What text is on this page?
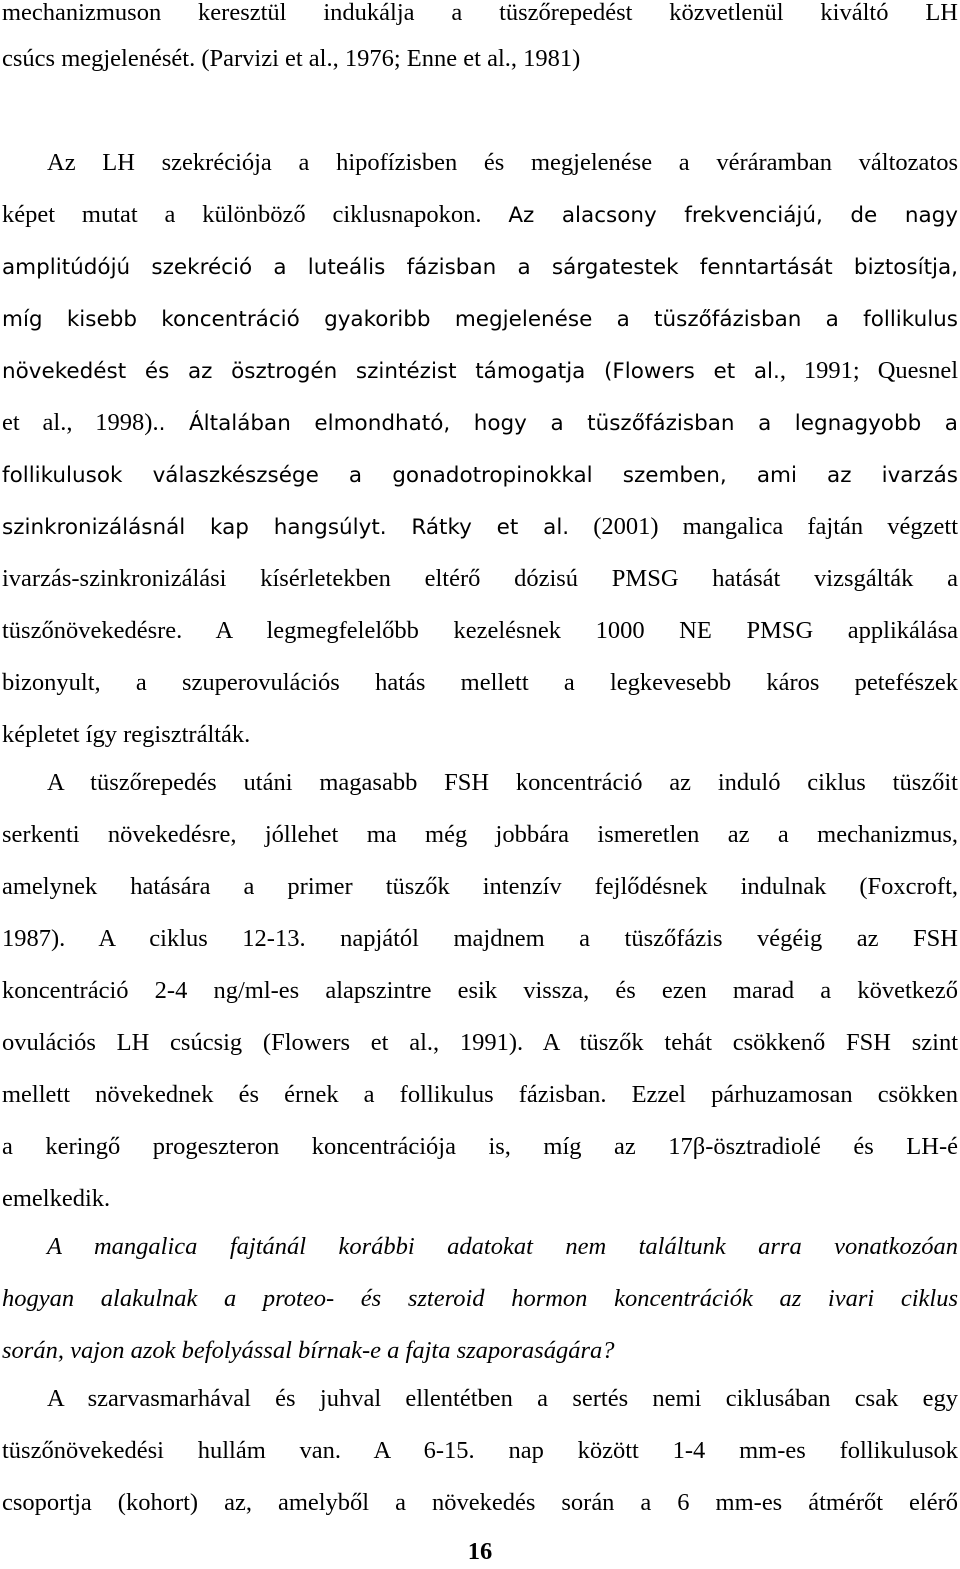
mechanizmuson keresztül indukálja a tüszőrepedést közvetlenül kiváltó LH
csúcs megjelenését. (Parvizi et al., 1976; Enne et al., 1981)
Az LH szekréciója a hipofízisben és megjelenése a véráramban változatos
képet mutat a különböző ciklusnapokon. Az alacsony frekvenciájú, de nagy
amplitúdójú szekréció a luteális fázisban a sárgatestek fenntartását biztosítja,
míg kisebb koncentráció gyakoribb megjelenése a tüszőfázisban a follikulus
növekedést és az ösztrogén szintézist támogatja (Flowers et al., 1991; Quesnel
et al., 1998).. Általában elmondható, hogy a tüszőfázisban a legnagyobb a
follikulusok válaszkészsége a gonadotropinokkal szemben, ami az ivarzás
szinkronizálásnál kap hangsúlyt. Rátky et al. (2001) mangalica fajtán végzett
ivarzás-szinkronizálási kísérletekben eltérő dózisú PMSG hatását vizsgálták a
tüszőnövekedésre. A legmegfelelőbb kezelésnek 1000 NE PMSG applikálása
bizonyult, a szuperovulációs hatás mellett a legkevesebb káros petefészek
képletet így regisztrálták.
A tüszőrepedés utáni magasabb FSH koncentráció az induló ciklus tüszőit
serkenti növekedésre, jóllehet ma még jobbára ismeretlen az a mechanizmus,
amelynek hatására a primer tüszők intenzív fejlődésnek indulnak (Foxcroft,
1987). A ciklus 12-13. napjától majdnem a tüszőfázis végéig az FSH
koncentráció 2-4 ng/ml-es alapszintre esik vissza, és ezen marad a következő
ovulációs LH csúcsig (Flowers et al., 1991). A tüszők tehát csökkenő FSH szint
mellett növekednek és érnek a follikulus fázisban. Ezzel párhuzamosan csökken
a keringő progeszteron koncentrációja is, míg az 17β-ösztradiolé és LH-é
emelkedik.
A mangalica fajtánál korábbi adatokat nem találtunk arra vonatkozóan
hogyan alakulnak a proteo- és szteroid hormon koncentrációk az ivari ciklus
során, vajon azok befolyással bírnak-e a fajta szaporaságára?
A szarvasmarhával és juhval ellentétben a sertés nemi ciklusában csak egy
tüszőnövekedési hullám van. A 6-15. nap között 1-4 mm-es follikulusok
csoportja (kohort) az, amelyből a növekedés során a 6 mm-es átmérőt elérő
16
